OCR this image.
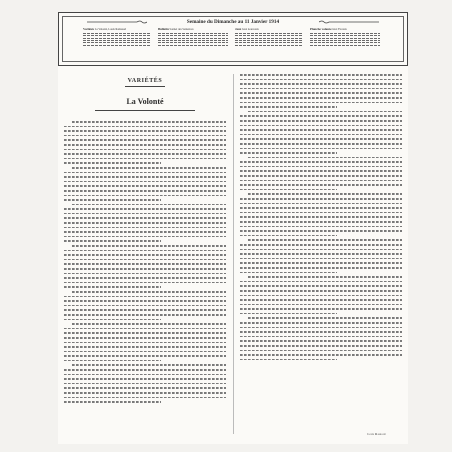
Semaine du Dimanche au 11 Janvier 1914
Variétés La Volonté, Louis Rameaud	Bulletin Sonnet des Sentences	Jeux Jeux nouveaux	Planche volante Jeux Floraux
VARIÉTÉS
La Volonté
Louis Rameaud
